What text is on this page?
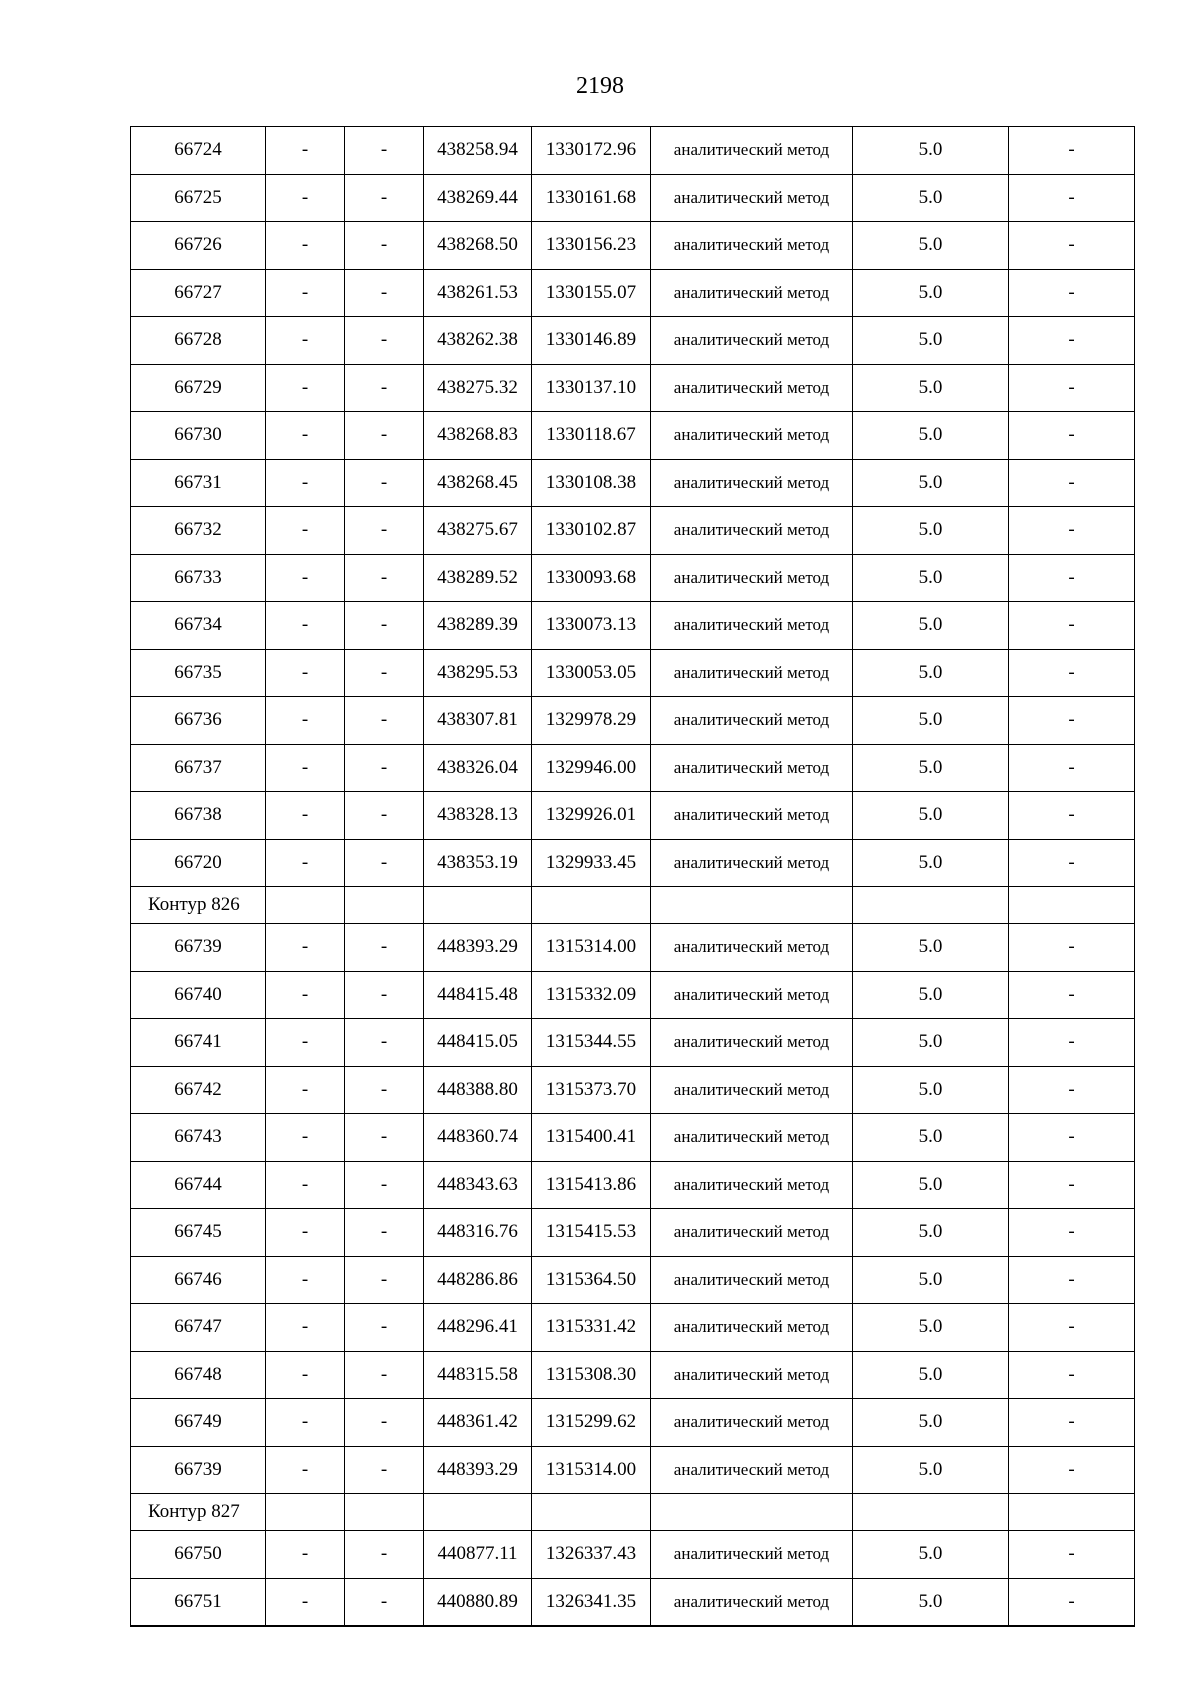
2198
66724	-	-	438258.94	1330172.96	аналитический метод	5.0	-
66725	-	-	438269.44	1330161.68	аналитический метод	5.0	-
66726	-	-	438268.50	1330156.23	аналитический метод	5.0	-
66727	-	-	438261.53	1330155.07	аналитический метод	5.0	-
66728	-	-	438262.38	1330146.89	аналитический метод	5.0	-
66729	-	-	438275.32	1330137.10	аналитический метод	5.0	-
66730	-	-	438268.83	1330118.67	аналитический метод	5.0	-
66731	-	-	438268.45	1330108.38	аналитический метод	5.0	-
66732	-	-	438275.67	1330102.87	аналитический метод	5.0	-
66733	-	-	438289.52	1330093.68	аналитический метод	5.0	-
66734	-	-	438289.39	1330073.13	аналитический метод	5.0	-
66735	-	-	438295.53	1330053.05	аналитический метод	5.0	-
66736	-	-	438307.81	1329978.29	аналитический метод	5.0	-
66737	-	-	438326.04	1329946.00	аналитический метод	5.0	-
66738	-	-	438328.13	1329926.01	аналитический метод	5.0	-
66720	-	-	438353.19	1329933.45	аналитический метод	5.0	-
Контур 826							
66739	-	-	448393.29	1315314.00	аналитический метод	5.0	-
66740	-	-	448415.48	1315332.09	аналитический метод	5.0	-
66741	-	-	448415.05	1315344.55	аналитический метод	5.0	-
66742	-	-	448388.80	1315373.70	аналитический метод	5.0	-
66743	-	-	448360.74	1315400.41	аналитический метод	5.0	-
66744	-	-	448343.63	1315413.86	аналитический метод	5.0	-
66745	-	-	448316.76	1315415.53	аналитический метод	5.0	-
66746	-	-	448286.86	1315364.50	аналитический метод	5.0	-
66747	-	-	448296.41	1315331.42	аналитический метод	5.0	-
66748	-	-	448315.58	1315308.30	аналитический метод	5.0	-
66749	-	-	448361.42	1315299.62	аналитический метод	5.0	-
66739	-	-	448393.29	1315314.00	аналитический метод	5.0	-
Контур 827							
66750	-	-	440877.11	1326337.43	аналитический метод	5.0	-
66751	-	-	440880.89	1326341.35	аналитический метод	5.0	-
